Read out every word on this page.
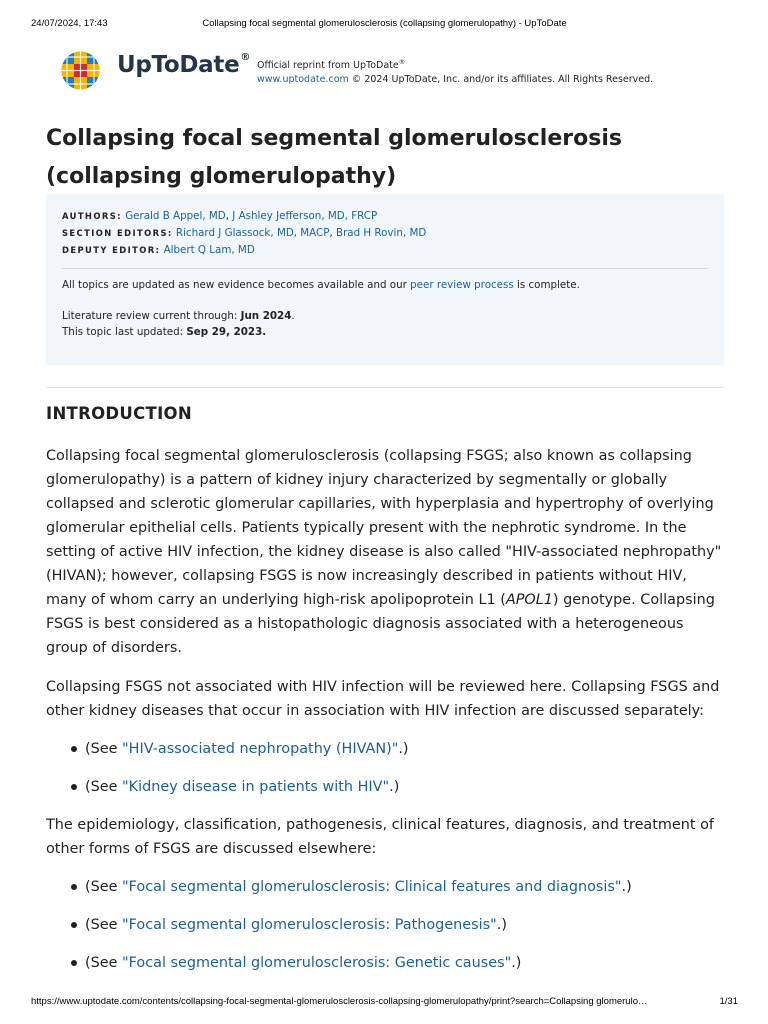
24/07/2024, 17:43	Collapsing focal segmental glomerulosclerosis (collapsing glomerulopathy) - UpToDate
UpToDate®
Official reprint from UpToDate®
www.uptodate.com © 2024 UpToDate, Inc. and/or its affiliates. All Rights Reserved.
Collapsing focal segmental glomerulosclerosis (collapsing glomerulopathy)
AUTHORS: Gerald B Appel, MD, J Ashley Jefferson, MD, FRCP
SECTION EDITORS: Richard J Glassock, MD, MACP, Brad H Rovin, MD
DEPUTY EDITOR: Albert Q Lam, MD
All topics are updated as new evidence becomes available and our peer review process is complete.
Literature review current through: Jun 2024.
This topic last updated: Sep 29, 2023.
INTRODUCTION

Collapsing focal segmental glomerulosclerosis (collapsing FSGS; also known as collapsing glomerulopathy) is a pattern of kidney injury characterized by segmentally or globally collapsed and sclerotic glomerular capillaries, with hyperplasia and hypertrophy of overlying glomerular epithelial cells. Patients typically present with the nephrotic syndrome. In the setting of active HIV infection, the kidney disease is also called "HIV-associated nephropathy" (HIVAN); however, collapsing FSGS is now increasingly described in patients without HIV, many of whom carry an underlying high-risk apolipoprotein L1 (APOL1) genotype. Collapsing FSGS is best considered as a histopathologic diagnosis associated with a heterogeneous group of disorders.

Collapsing FSGS not associated with HIV infection will be reviewed here. Collapsing FSGS and other kidney diseases that occur in association with HIV infection are discussed separately:

(See "HIV-associated nephropathy (HIVAN)".)
(See "Kidney disease in patients with HIV".)

The epidemiology, classification, pathogenesis, clinical features, diagnosis, and treatment of other forms of FSGS are discussed elsewhere:

(See "Focal segmental glomerulosclerosis: Clinical features and diagnosis".)
(See "Focal segmental glomerulosclerosis: Pathogenesis".)
(See "Focal segmental glomerulosclerosis: Genetic causes".)
https://www.uptodate.com/contents/collapsing-focal-segmental-glomerulosclerosis-collapsing-glomerulopathy/print?search=Collapsing glomerulo…	1/31
